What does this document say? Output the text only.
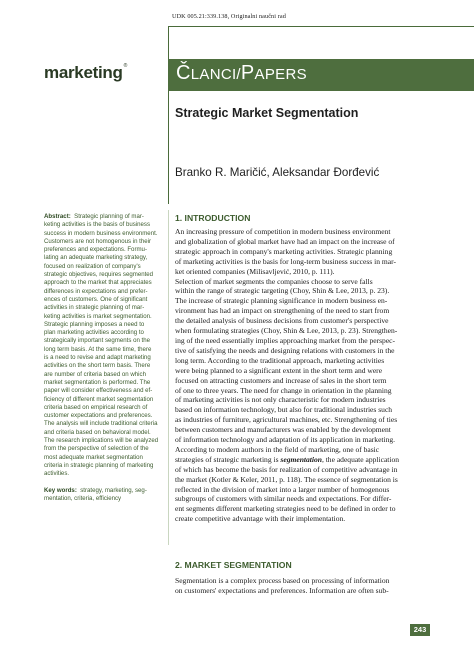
UDK 005.21:339.138, Originalni naučni rad
marketing® ČLANCI/PAPERS
Strategic Market Segmentation
Branko R. Maričić, Aleksandar Đorđević
Abstract: Strategic planning of mar-
keting activities is the basis of business
success in modern business environment.
Customers are not homogenous in their
preferences and expectations. Formu-
lating an adequate marketing strategy,
focused on realization of company's
strategic objectives, requires segmented
approach to the market that appreciates
differences in expectations and prefer-
ences of customers. One of significant
activities in strategic planning of mar-
keting activities is market segmentation.
Strategic planning imposes a need to
plan marketing activities according to
strategically important segments on the
long term basis. At the same time, there
is a need to revise and adapt marketing
activities on the short term basis. There
are number of criteria based on which
market segmentation is performed. The
paper will consider effectiveness and ef-
ficiency of different market segmentation
criteria based on empirical research of
customer expectations and preferences.
The analysis will include traditional criteria
and criteria based on behavioral model.
The research implications will be analyzed
from the perspective of selection of the
most adequate market segmentation
criteria in strategic planning of marketing
activities.
Key words: strategy, marketing, seg-
mentation, criteria, efficiency
1. INTRODUCTION
An increasing pressure of competition in modern business environment
and globalization of global market have had an impact on the increase of
strategic approach in company's marketing activities. Strategic planning
of marketing activities is the basis for long-term business success in mar-
ket oriented companies (Milisavljević, 2010, p. 111).
Selection of market segments the companies choose to serve falls
within the range of strategic targeting (Choy, Shin & Lee, 2013, p. 23).
The increase of strategic planning significance in modern business en-
vironment has had an impact on strengthening of the need to start from
the detailed analysis of business decisions from customer's perspective
when formulating strategies (Choy, Shin & Lee, 2013, p. 23). Strengthen-
ing of the need essentially implies approaching market from the perspec-
tive of satisfying the needs and designing relations with customers in the
long term. According to the traditional approach, marketing activities
were being planned to a significant extent in the short term and were
focused on attracting customers and increase of sales in the short term
of one to three years. The need for change in orientation in the planning
of marketing activities is not only characteristic for modern industries
based on information technology, but also for traditional industries such
as industries of furniture, agricultural machines, etc. Strengthening of ties
between customers and manufacturers was enabled by the development
of information technology and adaptation of its application in marketing.
According to modern authors in the field of marketing, one of basic
strategies of strategic marketing is segmentation, the adequate application
of which has become the basis for realization of competitive advantage in
the market (Kotler & Keler, 2011, p. 118). The essence of segmentation is
reflected in the division of market into a larger number of homogenous
subgroups of customers with similar needs and expectations. For differ-
ent segments different marketing strategies need to be defined in order to
create competitive advantage with their implementation.
2. MARKET SEGMENTATION
Segmentation is a complex process based on processing of information
on customers' expectations and preferences. Information are often sub-
243
